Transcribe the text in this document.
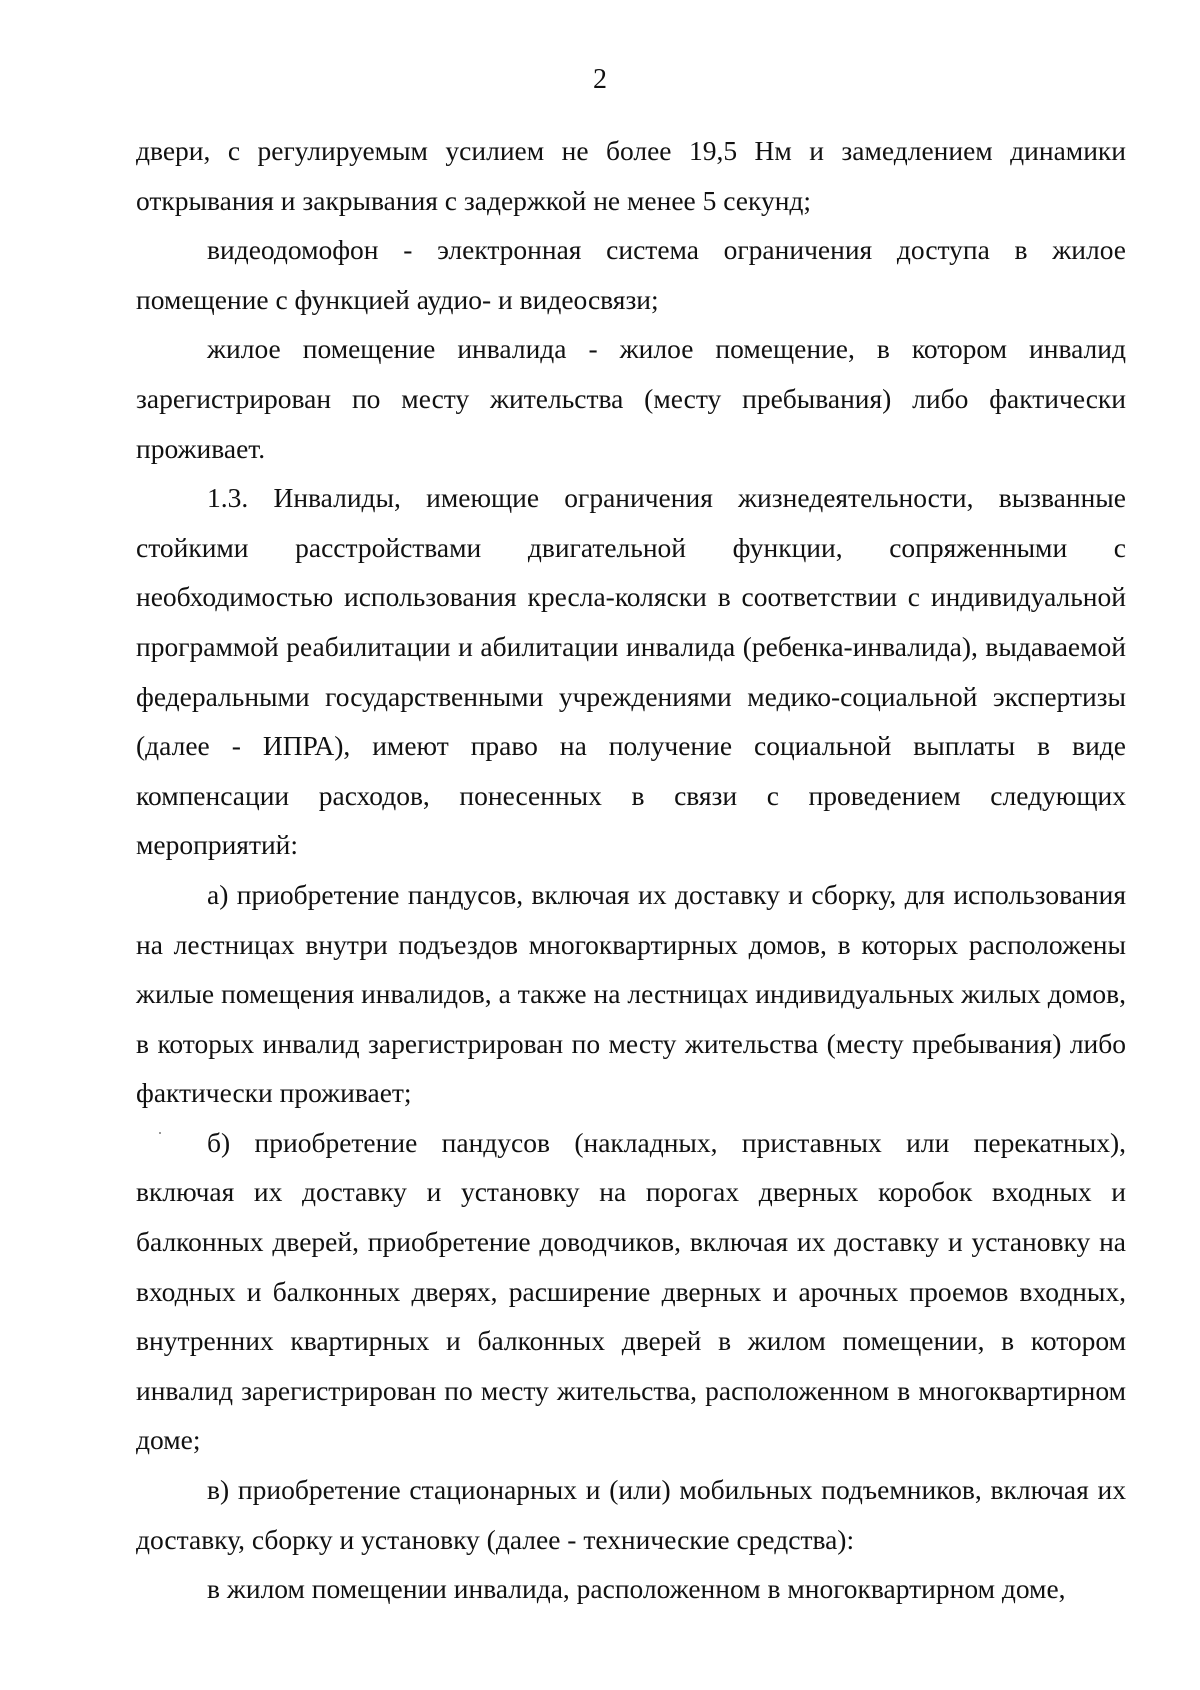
2

двери, с регулируемым усилием не более 19,5 Нм и замедлением динамики открывания и закрывания с задержкой не менее 5 секунд;

видеодомофон - электронная система ограничения доступа в жилое помещение с функцией аудио- и видеосвязи;

жилое помещение инвалида - жилое помещение, в котором инвалид зарегистрирован по месту жительства (месту пребывания) либо фактически проживает.

1.3. Инвалиды, имеющие ограничения жизнедеятельности, вызванные стойкими расстройствами двигательной функции, сопряженными с необходимостью использования кресла-коляски в соответствии с индивидуальной программой реабилитации и абилитации инвалида (ребенка-инвалида), выдаваемой федеральными государственными учреждениями медико-социальной экспертизы (далее - ИПРА), имеют право на получение социальной выплаты в виде компенсации расходов, понесенных в связи с проведением следующих мероприятий:

а) приобретение пандусов, включая их доставку и сборку, для использования на лестницах внутри подъездов многоквартирных домов, в которых расположены жилые помещения инвалидов, а также на лестницах индивидуальных жилых домов, в которых инвалид зарегистрирован по месту жительства (месту пребывания) либо фактически проживает;

б) приобретение пандусов (накладных, приставных или перекатных), включая их доставку и установку на порогах дверных коробок входных и балконных дверей, приобретение доводчиков, включая их доставку и установку на входных и балконных дверях, расширение дверных и арочных проемов входных, внутренних квартирных и балконных дверей в жилом помещении, в котором инвалид зарегистрирован по месту жительства, расположенном в многоквартирном доме;

в) приобретение стационарных и (или) мобильных подъемников, включая их доставку, сборку и установку (далее - технические средства):

в жилом помещении инвалида, расположенном в многоквартирном доме,
